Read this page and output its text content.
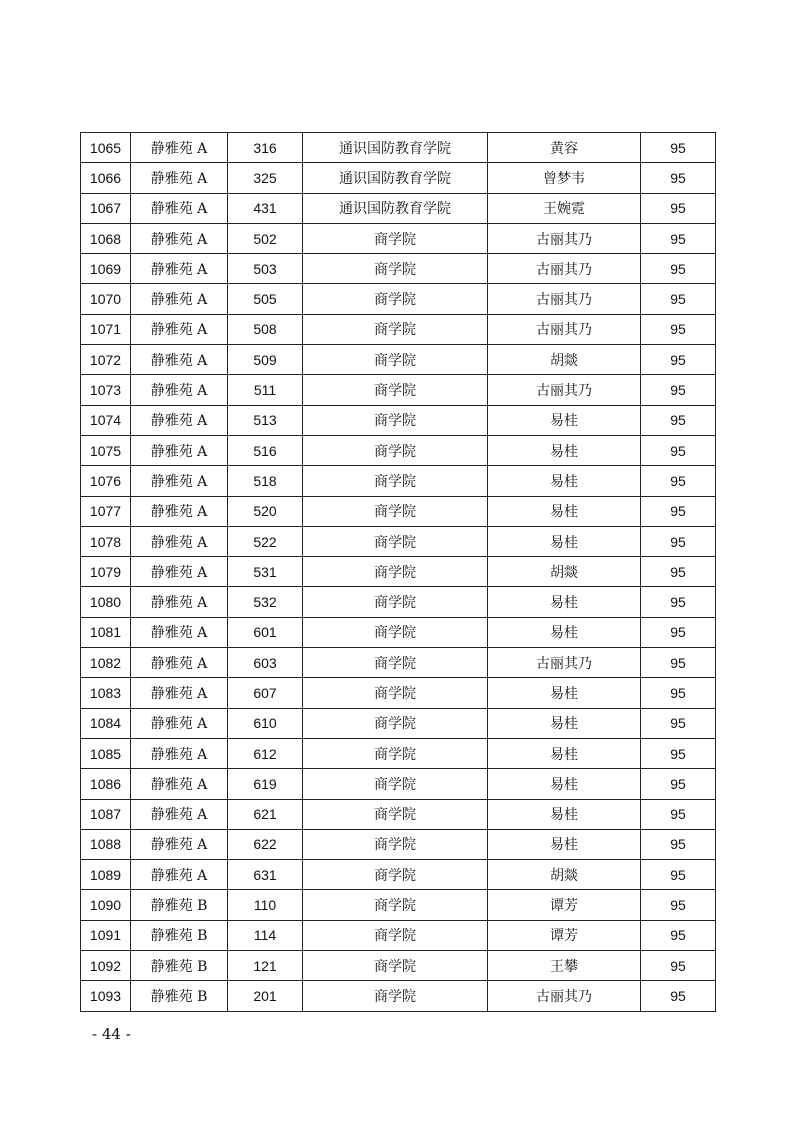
1065	静雅苑 A	316	通识国防教育学院	黄容	95
1066	静雅苑 A	325	通识国防教育学院	曾梦韦	95
1067	静雅苑 A	431	通识国防教育学院	王婉霓	95
1068	静雅苑 A	502	商学院	古丽其乃	95
1069	静雅苑 A	503	商学院	古丽其乃	95
1070	静雅苑 A	505	商学院	古丽其乃	95
1071	静雅苑 A	508	商学院	古丽其乃	95
1072	静雅苑 A	509	商学院	胡燚	95
1073	静雅苑 A	511	商学院	古丽其乃	95
1074	静雅苑 A	513	商学院	易桂	95
1075	静雅苑 A	516	商学院	易桂	95
1076	静雅苑 A	518	商学院	易桂	95
1077	静雅苑 A	520	商学院	易桂	95
1078	静雅苑 A	522	商学院	易桂	95
1079	静雅苑 A	531	商学院	胡燚	95
1080	静雅苑 A	532	商学院	易桂	95
1081	静雅苑 A	601	商学院	易桂	95
1082	静雅苑 A	603	商学院	古丽其乃	95
1083	静雅苑 A	607	商学院	易桂	95
1084	静雅苑 A	610	商学院	易桂	95
1085	静雅苑 A	612	商学院	易桂	95
1086	静雅苑 A	619	商学院	易桂	95
1087	静雅苑 A	621	商学院	易桂	95
1088	静雅苑 A	622	商学院	易桂	95
1089	静雅苑 A	631	商学院	胡燚	95
1090	静雅苑 B	110	商学院	谭芳	95
1091	静雅苑 B	114	商学院	谭芳	95
1092	静雅苑 B	121	商学院	王攀	95
1093	静雅苑 B	201	商学院	古丽其乃	95
- 44 -
